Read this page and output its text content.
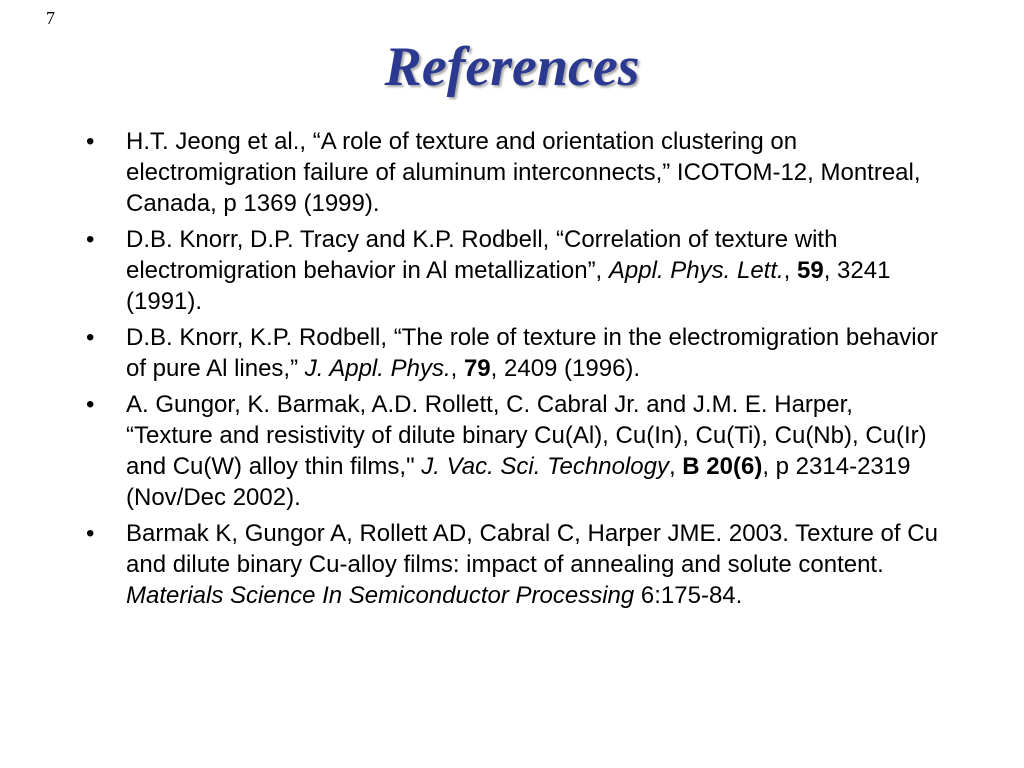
7
References
• H.T. Jeong et al., “A role of texture and orientation clustering on electromigration failure of aluminum interconnects,” ICOTOM-12, Montreal, Canada, p 1369 (1999).
• D.B. Knorr, D.P. Tracy and K.P. Rodbell, “Correlation of texture with electromigration behavior in Al metallization”, Appl. Phys. Lett., 59, 3241 (1991).
• D.B. Knorr, K.P. Rodbell, “The role of texture in the electromigration behavior of pure Al lines,” J. Appl. Phys., 79, 2409 (1996).
• A. Gungor, K. Barmak, A.D. Rollett, C. Cabral Jr. and J.M. E. Harper, “Texture and resistivity of dilute binary Cu(Al), Cu(In), Cu(Ti), Cu(Nb), Cu(Ir) and Cu(W) alloy thin films," J. Vac. Sci. Technology, B 20(6), p 2314-2319 (Nov/Dec 2002).
• Barmak K, Gungor A, Rollett AD, Cabral C, Harper JME. 2003. Texture of Cu and dilute binary Cu-alloy films: impact of annealing and solute content. Materials Science In Semiconductor Processing 6:175-84.
